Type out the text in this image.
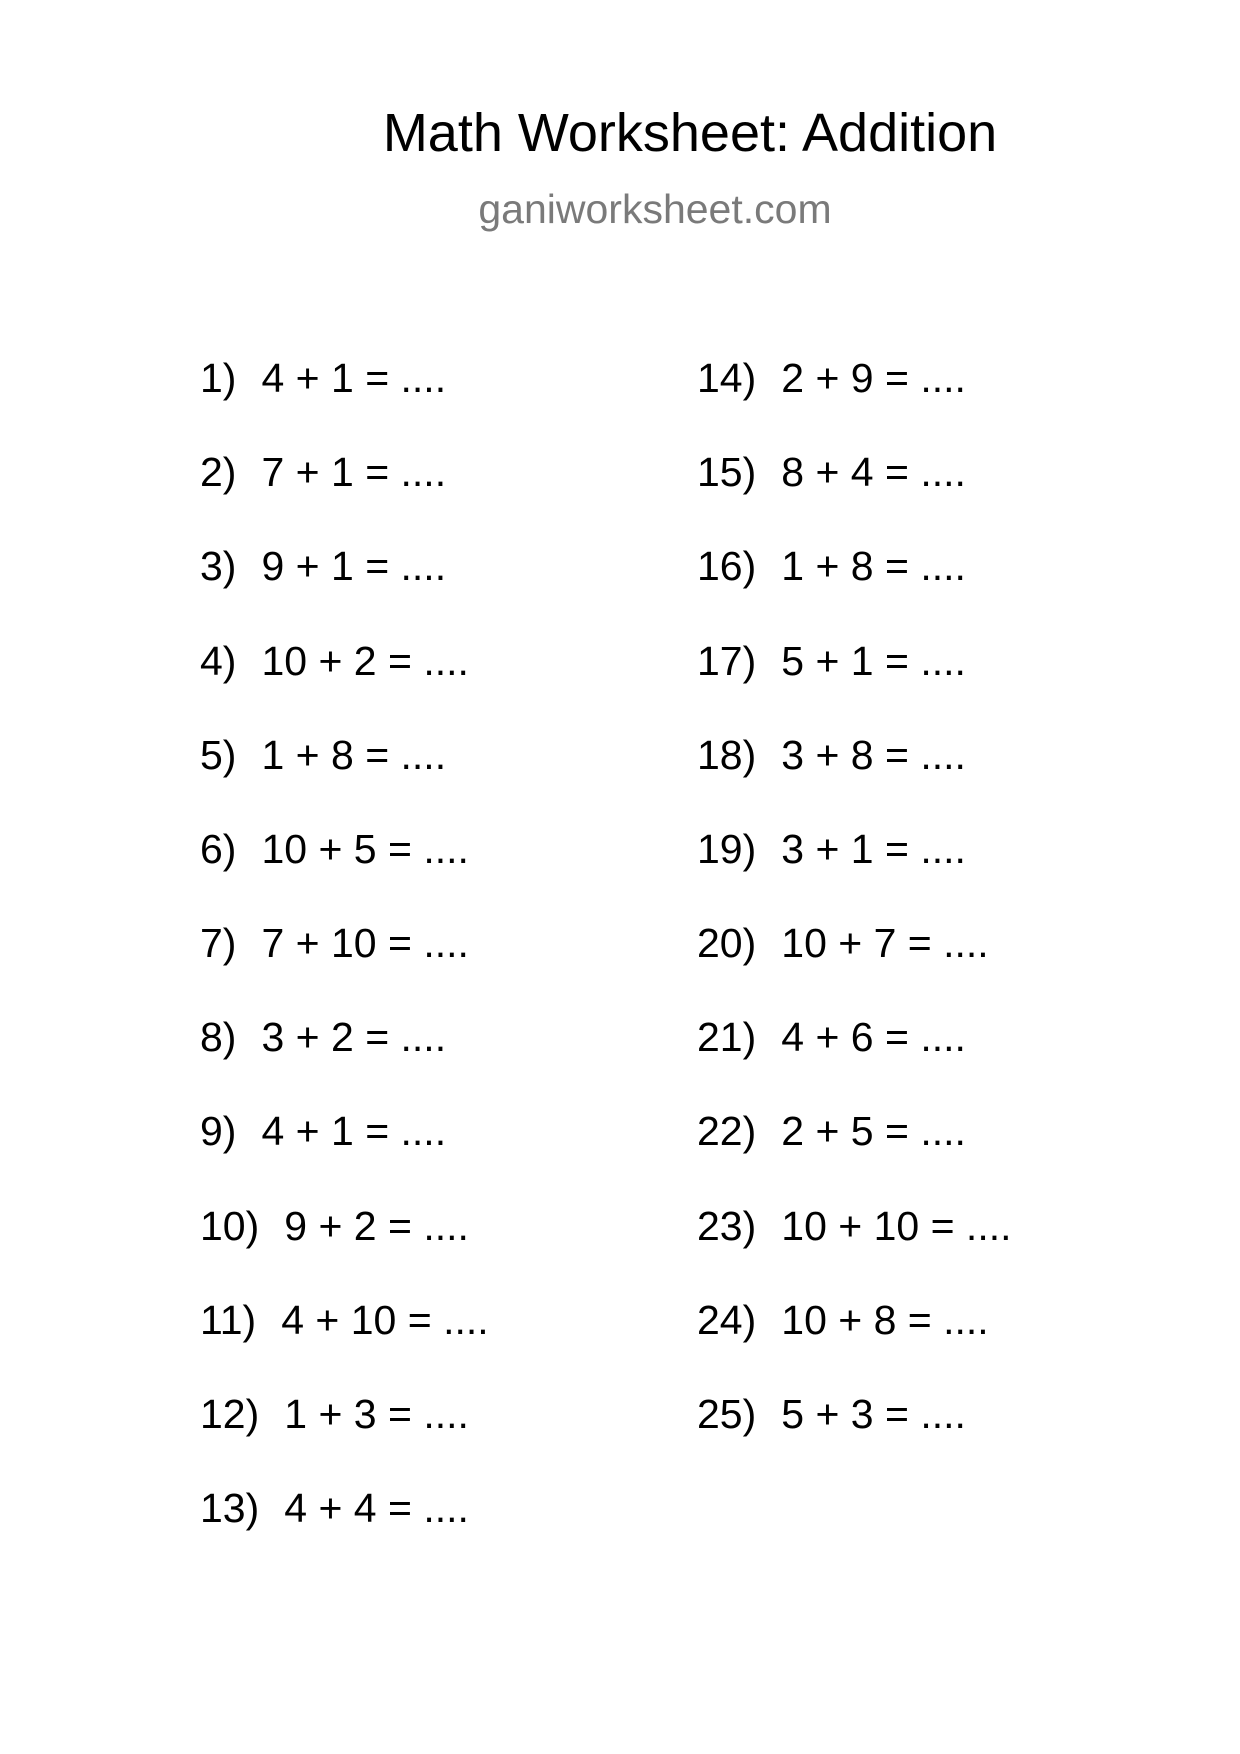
Math Worksheet: Addition
ganiworksheet.com
1) 4 + 1 = ....
2) 7 + 1 = ....
3) 9 + 1 = ....
4) 10 + 2 = ....
5) 1 + 8 = ....
6) 10 + 5 = ....
7) 7 + 10 = ....
8) 3 + 2 = ....
9) 4 + 1 = ....
10) 9 + 2 = ....
11) 4 + 10 = ....
12) 1 + 3 = ....
13) 4 + 4 = ....
14) 2 + 9 = ....
15) 8 + 4 = ....
16) 1 + 8 = ....
17) 5 + 1 = ....
18) 3 + 8 = ....
19) 3 + 1 = ....
20) 10 + 7 = ....
21) 4 + 6 = ....
22) 2 + 5 = ....
23) 10 + 10 = ....
24) 10 + 8 = ....
25) 5 + 3 = ....
